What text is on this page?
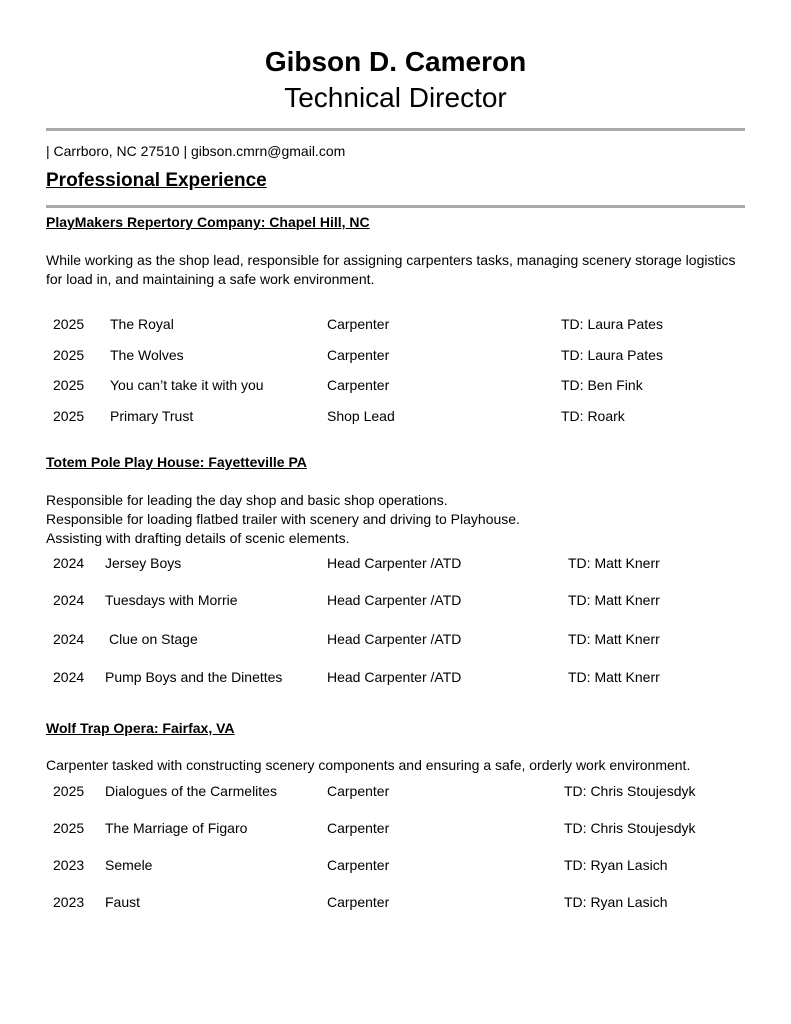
Gibson D. Cameron
Technical Director
| Carrboro, NC 27510 | gibson.cmrn@gmail.com
Professional Experience
PlayMakers Repertory Company: Chapel Hill, NC

While working as the shop lead, responsible for assigning carpenters tasks, managing scenery storage logistics for load in, and maintaining a safe work environment.

2025 The Royal	Carpenter	TD: Laura Pates
2025 The Wolves	Carpenter	TD: Laura Pates
2025 You can’t take it with you	Carpenter	TD: Ben Fink
2025 Primary Trust	Shop Lead	TD: Roark
Totem Pole Play House: Fayetteville PA

Responsible for leading the day shop and basic shop operations.

Responsible for loading flatbed trailer with scenery and driving to Playhouse.

Assisting with drafting details of scenic elements.

2024 Jersey Boys	Head Carpenter /ATD	TD: Matt Knerr
2024 Tuesdays with Morrie	Head Carpenter /ATD	TD: Matt Knerr
2024 Clue on Stage	Head Carpenter /ATD	TD: Matt Knerr
2024 Pump Boys and the Dinettes	Head Carpenter /ATD	TD: Matt Knerr
Wolf Trap Opera: Fairfax, VA

Carpenter tasked with constructing scenery components and ensuring a safe, orderly work environment.

2025 Dialogues of the Carmelites	Carpenter	TD: Chris Stoujesdyk
2025 The Marriage of Figaro	Carpenter	TD: Chris Stoujesdyk
2023 Semele	Carpenter	TD: Ryan Lasich
2023 Faust	Carpenter	TD: Ryan Lasich
